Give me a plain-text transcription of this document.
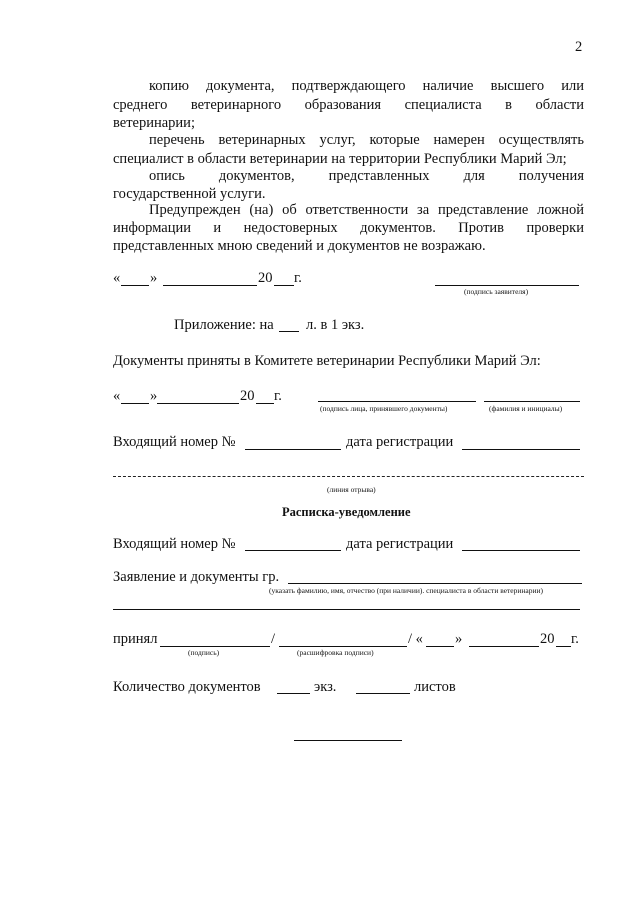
2
копию документа, подтверждающего наличие высшего или
среднего ветеринарного образования специалиста в области
ветеринарии;
перечень ветеринарных услуг, которые намерен осуществлять
специалист в области ветеринарии на территории Республики Марий Эл;
опись документов, представленных для получения
государственной услуги.
Предупрежден (на) об ответственности за представление ложной
информации и недостоверных документов. Против проверки
представленных мною сведений и документов не возражаю.
« »	20 г.
(подпись заявителя)
Приложение: на л. в 1 экз.
Документы приняты в Комитете ветеринарии Республики Марий Эл:
« »	20 г.
(подпись лица, принявшего документы)	(фамилия и инициалы)
Входящий номер №	дата регистрации
(линия отрыва)
Расписка-уведомление
Входящий номер №	дата регистрации
Заявление и документы гр.
(указать фамилию, имя, отчество (при наличии). специалиста в области ветеринарии)
принял	/	/ « »	20 г.
(подпись)	(расшифровка подписи)
Количество документов	экз.	листов
